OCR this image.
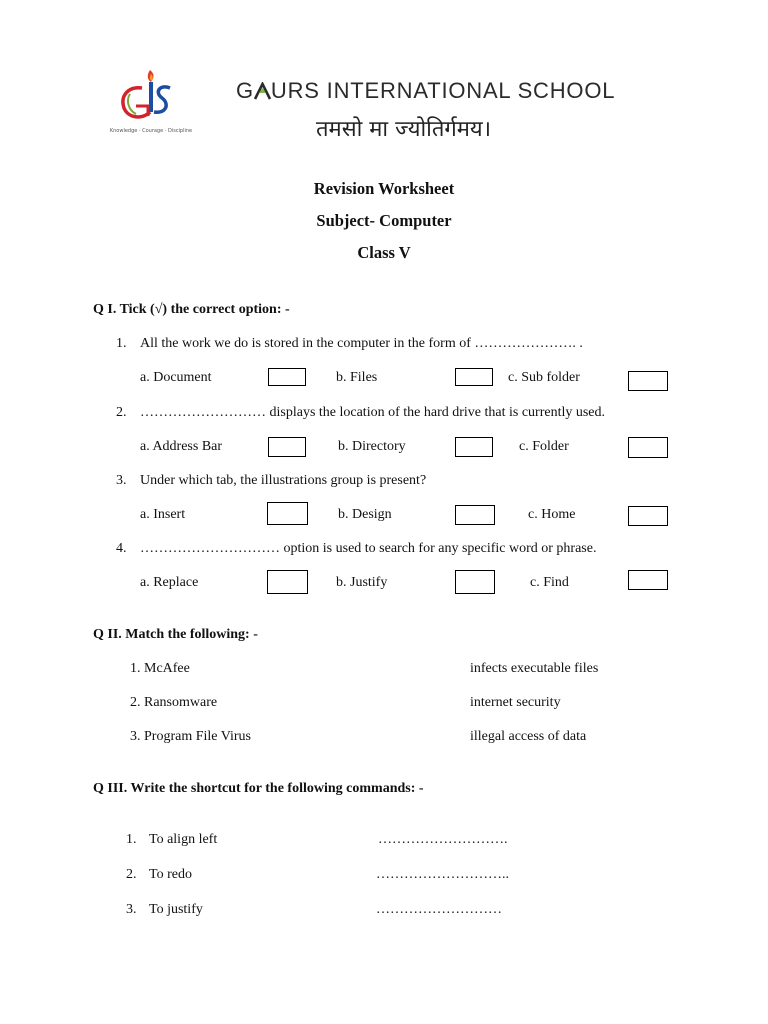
Knowledge · Courage · Discipline
G URS INTERNATIONAL SCHOOL
तमसो मा ज्योतिर्गमय।
Revision Worksheet
Subject- Computer
Class V
Q I. Tick (√) the correct option: -
1. All the work we do is stored in the computer in the form of …………………. .
a. Document	b. Files	c. Sub folder
2. ……………………… displays the location of the hard drive that is currently used.
a. Address Bar	b. Directory	c. Folder
3. Under which tab, the illustrations group is present?
a. Insert	b. Design	c. Home
4. ………………………… option is used to search for any specific word or phrase.
a. Replace	b. Justify	c. Find
Q II. Match the following: -
1. McAfee	infects executable files
2. Ransomware	internet security
3. Program File Virus	illegal access of data
Q III. Write the shortcut for the following commands: -
1. To align left	……………………….
2. To redo	………………………..
3. To justify	………………………
